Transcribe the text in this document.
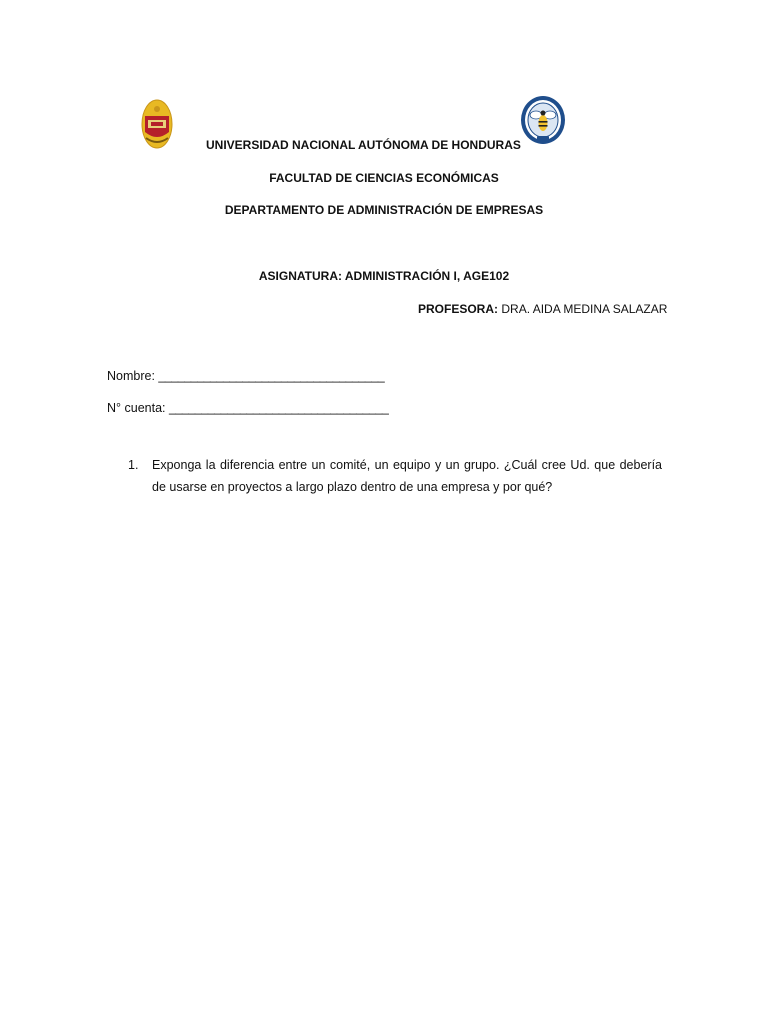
UNIVERSIDAD NACIONAL AUTÓNOMA DE HONDURAS
FACULTAD DE CIENCIAS ECONÓMICAS
DEPARTAMENTO DE ADMINISTRACIÓN DE EMPRESAS
ASIGNATURA: ADMINISTRACIÓN I, AGE102
PROFESORA: DRA. AIDA MEDINA SALAZAR
Nombre: ___________________________________
N° cuenta: __________________________________
1. Exponga la diferencia entre un comité, un equipo y un grupo. ¿Cuál cree Ud. que debería de usarse en proyectos a largo plazo dentro de una empresa y por qué?
